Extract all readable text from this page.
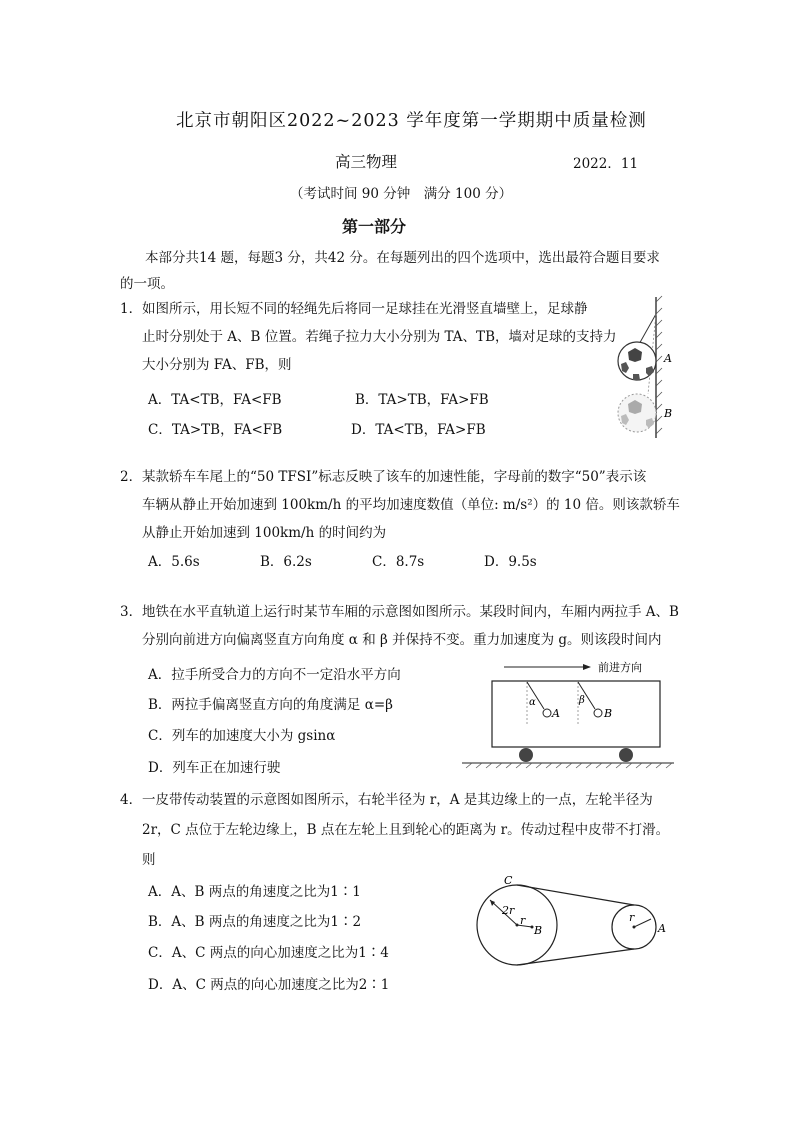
北京市朝阳区2022~2023 学年度第一学期期中质量检测
高三物理	2022．11
（考试时间 90 分钟　满分 100 分）
第一部分
本部分共14 题，每题3 分，共42 分。在每题列出的四个选项中，选出最符合题目要求
的一项。
1． 如图所示，用长短不同的轻绳先后将同一足球挂在光滑竖直墙壁上，足球静
止时分别处于 A、B 位置。若绳子拉力大小分别为 TA、TB，墙对足球的支持力
大小分别为 FA、FB，则
A．TA<TB，FA<FB	B．TA>TB，FA>FB
C．TA>TB，FA<FB	D．TA<TB，FA>FB
A
B
2． 某款轿车车尾上的“50 TFSI”标志反映了该车的加速性能，字母前的数字“50”表示该
车辆从静止开始加速到 100km/h 的平均加速度数值（单位: m/s²）的 10 倍。则该款轿车
从静止开始加速到 100km/h 的时间约为
A．5.6s	B．6.2s	C．8.7s	D．9.5s
3． 地铁在水平直轨道上运行时某节车厢的示意图如图所示。某段时间内，车厢内两拉手 A、B
分别向前进方向偏离竖直方向角度 α 和 β 并保持不变。重力加速度为 g。则该段时间内
A．拉手所受合力的方向不一定沿水平方向
B．两拉手偏离竖直方向的角度满足 α=β
C．列车的加速度大小为 gsinα
D．列车正在加速行驶
前进方向
α
A
β
B
4． 一皮带传动装置的示意图如图所示，右轮半径为 r，A 是其边缘上的一点，左轮半径为
2r，C 点位于左轮边缘上，B 点在左轮上且到轮心的距离为 r。传动过程中皮带不打滑。
则
A．A、B 两点的角速度之比为1∶1
B．A、B 两点的角速度之比为1∶2
C．A、C 两点的向心加速度之比为1∶4
D．A、C 两点的向心加速度之比为2∶1
C
2r
r
B
r
A
